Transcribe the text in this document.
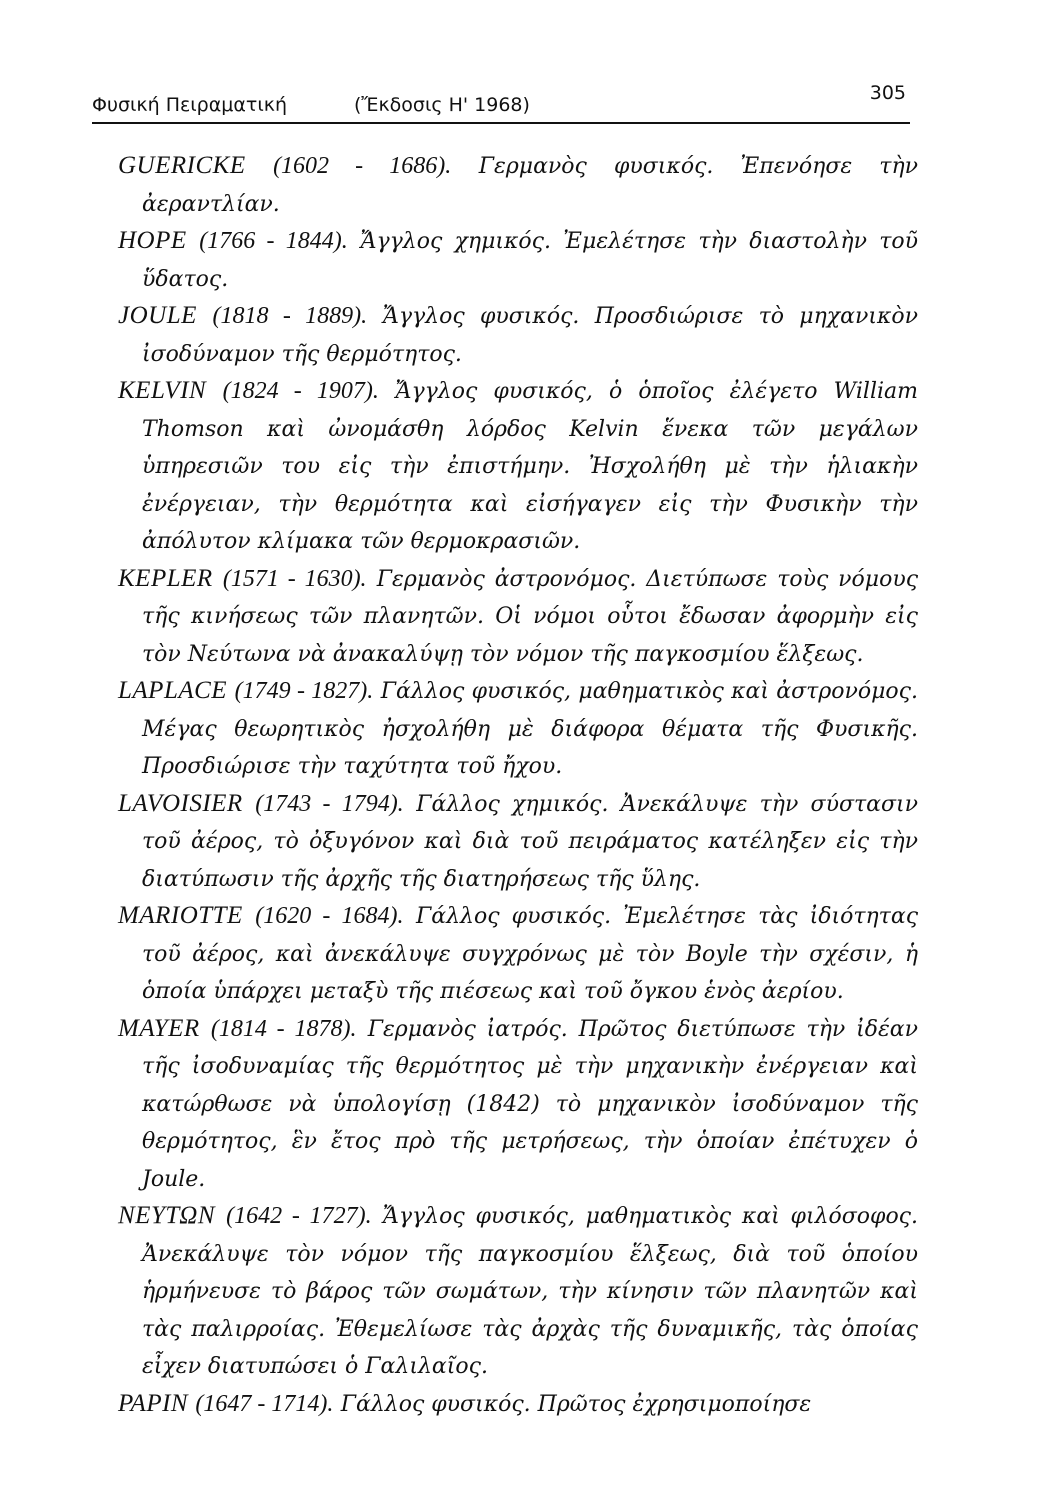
Φυσική Πειραματική	(Ἔκδοσις Η' 1968)
305

GUERICKE (1602 - 1686). Γερμανὸς φυσικός. Ἐπενόησε τὴν ἀεραντλίαν.

HOPE (1766 - 1844). Ἄγγλος χημικός. Ἐμελέτησε τὴν διαστολὴν τοῦ ὕδατος.

JOULE (1818 - 1889). Ἄγγλος φυσικός. Προσδιώρισε τὸ μηχανικὸν ἰσοδύναμον τῆς θερμότητος.

KELVIN (1824 - 1907). Ἄγγλος φυσικός, ὁ ὁποῖος ἐλέγετο William Thomson καὶ ὠνομάσθη λόρδος Kelvin ἕνεκα τῶν μεγάλων ὑπηρεσιῶν του εἰς τὴν ἐπιστήμην. Ἠσχολήθη μὲ τὴν ἡλιακὴν ἐνέργειαν, τὴν θερμότητα καὶ εἰσήγαγεν εἰς τὴν Φυσικὴν τὴν ἀπόλυτον κλίμακα τῶν θερμοκρασιῶν.

KEPLER (1571 - 1630). Γερμανὸς ἀστρονόμος. Διετύπωσε τοὺς νόμους τῆς κινήσεως τῶν πλανητῶν. Οἱ νόμοι οὗτοι ἔδωσαν ἀφορμὴν εἰς τὸν Νεύτωνα νὰ ἀνακαλύψῃ τὸν νόμον τῆς παγκοσμίου ἕλξεως.

LAPLACE (1749 - 1827). Γάλλος φυσικός, μαθηματικὸς καὶ ἀστρονόμος. Μέγας θεωρητικὸς ἠσχολήθη μὲ διάφορα θέματα τῆς Φυσικῆς. Προσδιώρισε τὴν ταχύτητα τοῦ ἤχου.

LAVOISIER (1743 - 1794). Γάλλος χημικός. Ἀνεκάλυψε τὴν σύστασιν τοῦ ἀέρος, τὸ ὀξυγόνον καὶ διὰ τοῦ πειράματος κατέληξεν εἰς τὴν διατύπωσιν τῆς ἀρχῆς τῆς διατηρήσεως τῆς ὕλης.

MARIOTTE (1620 - 1684). Γάλλος φυσικός. Ἐμελέτησε τὰς ἰδιότητας τοῦ ἀέρος, καὶ ἀνεκάλυψε συγχρόνως μὲ τὸν Boyle τὴν σχέσιν, ἡ ὁποία ὑπάρχει μεταξὺ τῆς πιέσεως καὶ τοῦ ὄγκου ἑνὸς ἀερίου.

MAYER (1814 - 1878). Γερμανὸς ἰατρός. Πρῶτος διετύπωσε τὴν ἰδέαν τῆς ἰσοδυναμίας τῆς θερμότητος μὲ τὴν μηχανικὴν ἐνέργειαν καὶ κατώρθωσε νὰ ὑπολογίσῃ (1842) τὸ μηχανικὸν ἰσοδύναμον τῆς θερμότητος, ἓν ἔτος πρὸ τῆς μετρήσεως, τὴν ὁποίαν ἐπέτυχεν ὁ Joule.

ΝΕΥΤΩΝ (1642 - 1727). Ἄγγλος φυσικός, μαθηματικὸς καὶ φιλόσοφος. Ἀνεκάλυψε τὸν νόμον τῆς παγκοσμίου ἕλξεως, διὰ τοῦ ὁποίου ἡρμήνευσε τὸ βάρος τῶν σωμάτων, τὴν κίνησιν τῶν πλανητῶν καὶ τὰς παλιρροίας. Ἐθεμελίωσε τὰς ἀρχὰς τῆς δυναμικῆς, τὰς ὁποίας εἶχεν διατυπώσει ὁ Γαλιλαῖος.

PAPIN (1647 - 1714). Γάλλος φυσικός. Πρῶτος ἐχρησιμοποίησε
